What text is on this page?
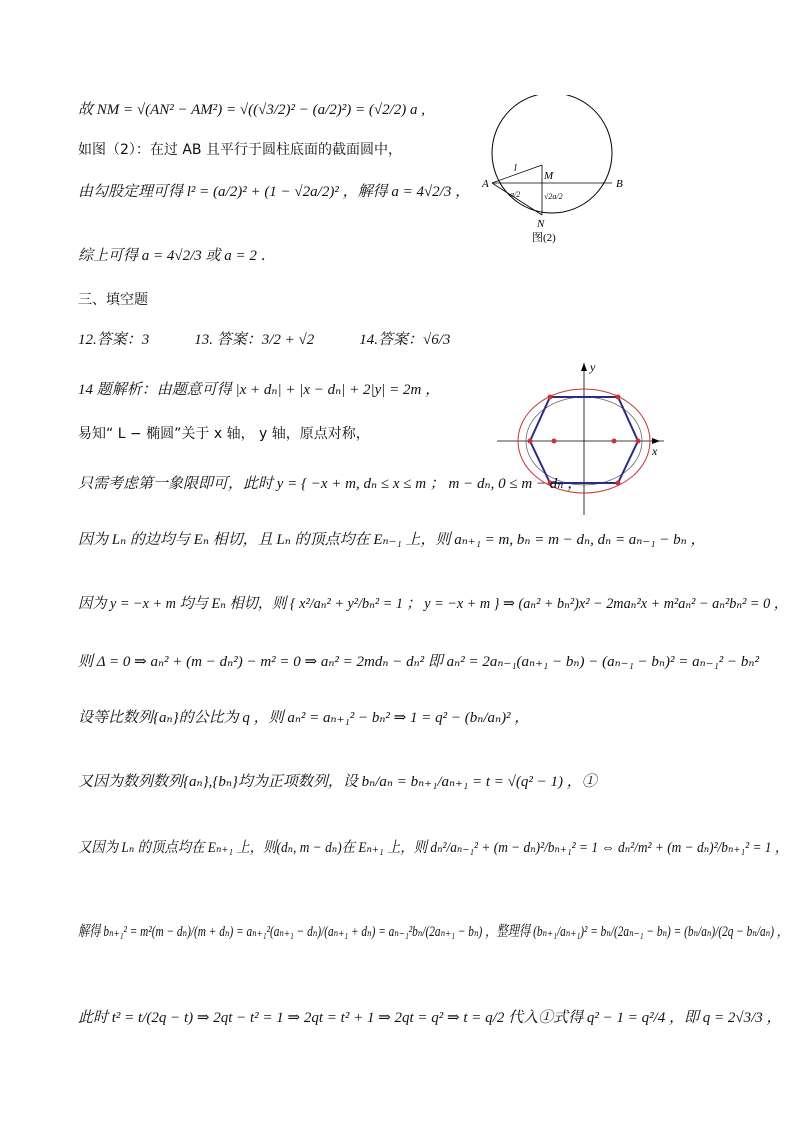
A	B
M
N
l
a/2	√2a/2
图(2)
y
x
故 NM = √(AN² − AM²) = √((√3/2)² − (a/2)²) = (√2/2) a ,
如图（2）：在过 AB 且平行于圆柱底面的截面圆中，
由勾股定理可得 l² = (a/2)² + (1 − √2a/2)² ，解得 a = 4√2/3 ，
综上可得 a = 4√2/3 或 a = 2 ．
三、填空题
12.答案：3　　　13. 答案：3/2 + √2　　　14.答案：√6/3
14 题解析：由题意可得 |x + dₙ| + |x − dₙ| + 2|y| = 2m ，
易知“ L − 椭圆”关于 x 轴， y 轴，原点对称，
只需考虑第一象限即可，此时 y = { −x + m, dₙ ≤ x ≤ m ； m − dₙ, 0 ≤ m − dₙ ，
因为 Lₙ 的边均与 Eₙ 相切，且 Lₙ 的顶点均在 Eₙ₋₁ 上，则 aₙ₊₁ = m, bₙ = m − dₙ, dₙ = aₙ₋₁ − bₙ ，
因为 y = −x + m 均与 Eₙ 相切，则 { x²/aₙ² + y²/bₙ² = 1 ； y = −x + m } ⇒ (aₙ² + bₙ²)x² − 2maₙ²x + m²aₙ² − aₙ²bₙ² = 0 ，
则 Δ = 0 ⇒ aₙ² + (m − dₙ²) − m² = 0 ⇒ aₙ² = 2mdₙ − dₙ² 即 aₙ² = 2aₙ₋₁(aₙ₊₁ − bₙ) − (aₙ₋₁ − bₙ)² = aₙ₋₁² − bₙ²
设等比数列{aₙ}的公比为 q ，则 aₙ² = aₙ₊₁² − bₙ² ⇒ 1 = q² − (bₙ/aₙ)² ，
又因为数列数列{aₙ},{bₙ}均为正项数列，设 bₙ/aₙ = bₙ₊₁/aₙ₊₁ = t = √(q² − 1) ，①
又因为 Lₙ 的顶点均在 Eₙ₊₁ 上，则(dₙ, m − dₙ)在 Eₙ₊₁ 上，则 dₙ²/aₙ₋₁² + (m − dₙ)²/bₙ₊₁² = 1 ⇔ dₙ²/m² + (m − dₙ)²/bₙ₊₁² = 1 ，
解得 bₙ₊₁² = m²(m − dₙ)/(m + dₙ) = aₙ₊₁²(aₙ₊₁ − dₙ)/(aₙ₊₁ + dₙ) = aₙ₋₁²bₙ/(2aₙ₊₁ − bₙ) ，整理得 (bₙ₊₁/aₙ₊₁)² = bₙ/(2aₙ₋₁ − bₙ) = (bₙ/aₙ)/(2q − bₙ/aₙ) ，
此时 t² = t/(2q − t) ⇒ 2qt − t² = 1 ⇒ 2qt = t² + 1 ⇒ 2qt = q² ⇒ t = q/2 代入①式得 q² − 1 = q²/4 ，即 q = 2√3/3 ，
